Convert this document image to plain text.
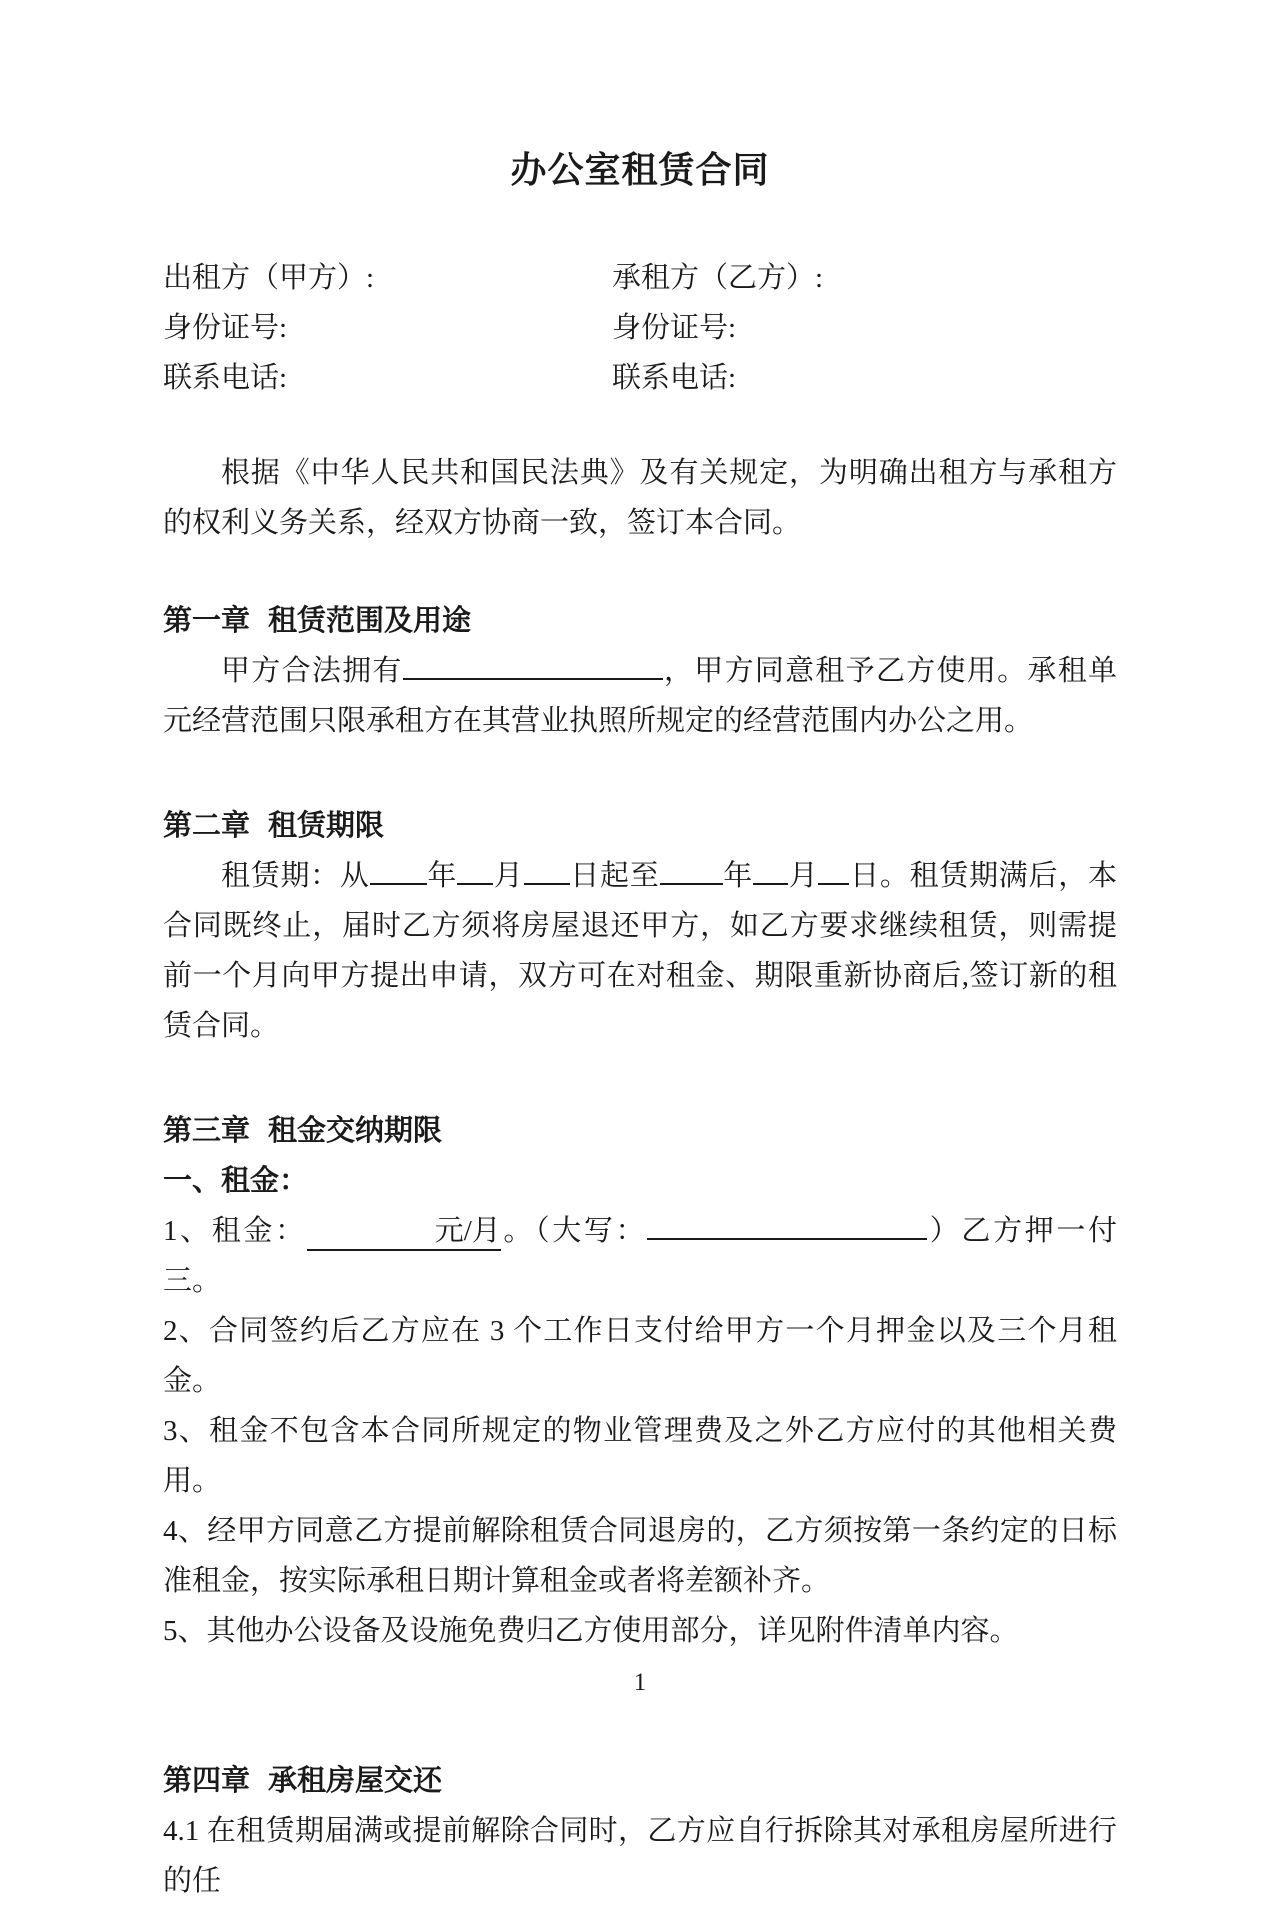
办公室租赁合同
出租方（甲方）:	承租方（乙方）:
身份证号:	身份证号:
联系电话:	联系电话:

根据《中华人民共和国民法典》及有关规定，为明确出租方与承租方的权利义务关系，经双方协商一致，签订本合同。

第一章 租赁范围及用途

甲方合法拥有	，甲方同意租予乙方使用。承租单元经营范围只限承租方在其营业执照所规定的经营范围内办公之用。

第二章 租赁期限

租赁期：从 年 月 日起至 年 月 日。租赁期满后，本合同既终止，届时乙方须将房屋退还甲方，如乙方要求继续租赁，则需提前一个月向甲方提出申请，双方可在对租金、期限重新协商后,签订新的租赁合同。

第三章 租金交纳期限

一、租金：

1、租金：	元/月。（大写：	）乙方押一付三。

2、合同签约后乙方应在 3 个工作日支付给甲方一个月押金以及三个月租金。

3、租金不包含本合同所规定的物业管理费及之外乙方应付的其他相关费用。

4、经甲方同意乙方提前解除租赁合同退房的，乙方须按第一条约定的日标准租金，按实际承租日期计算租金或者将差额补齐。

5、其他办公设备及设施免费归乙方使用部分，详见附件清单内容。

第四章 承租房屋交还

4.1 在租赁期届满或提前解除合同时，乙方应自行拆除其对承租房屋所进行的任

1
